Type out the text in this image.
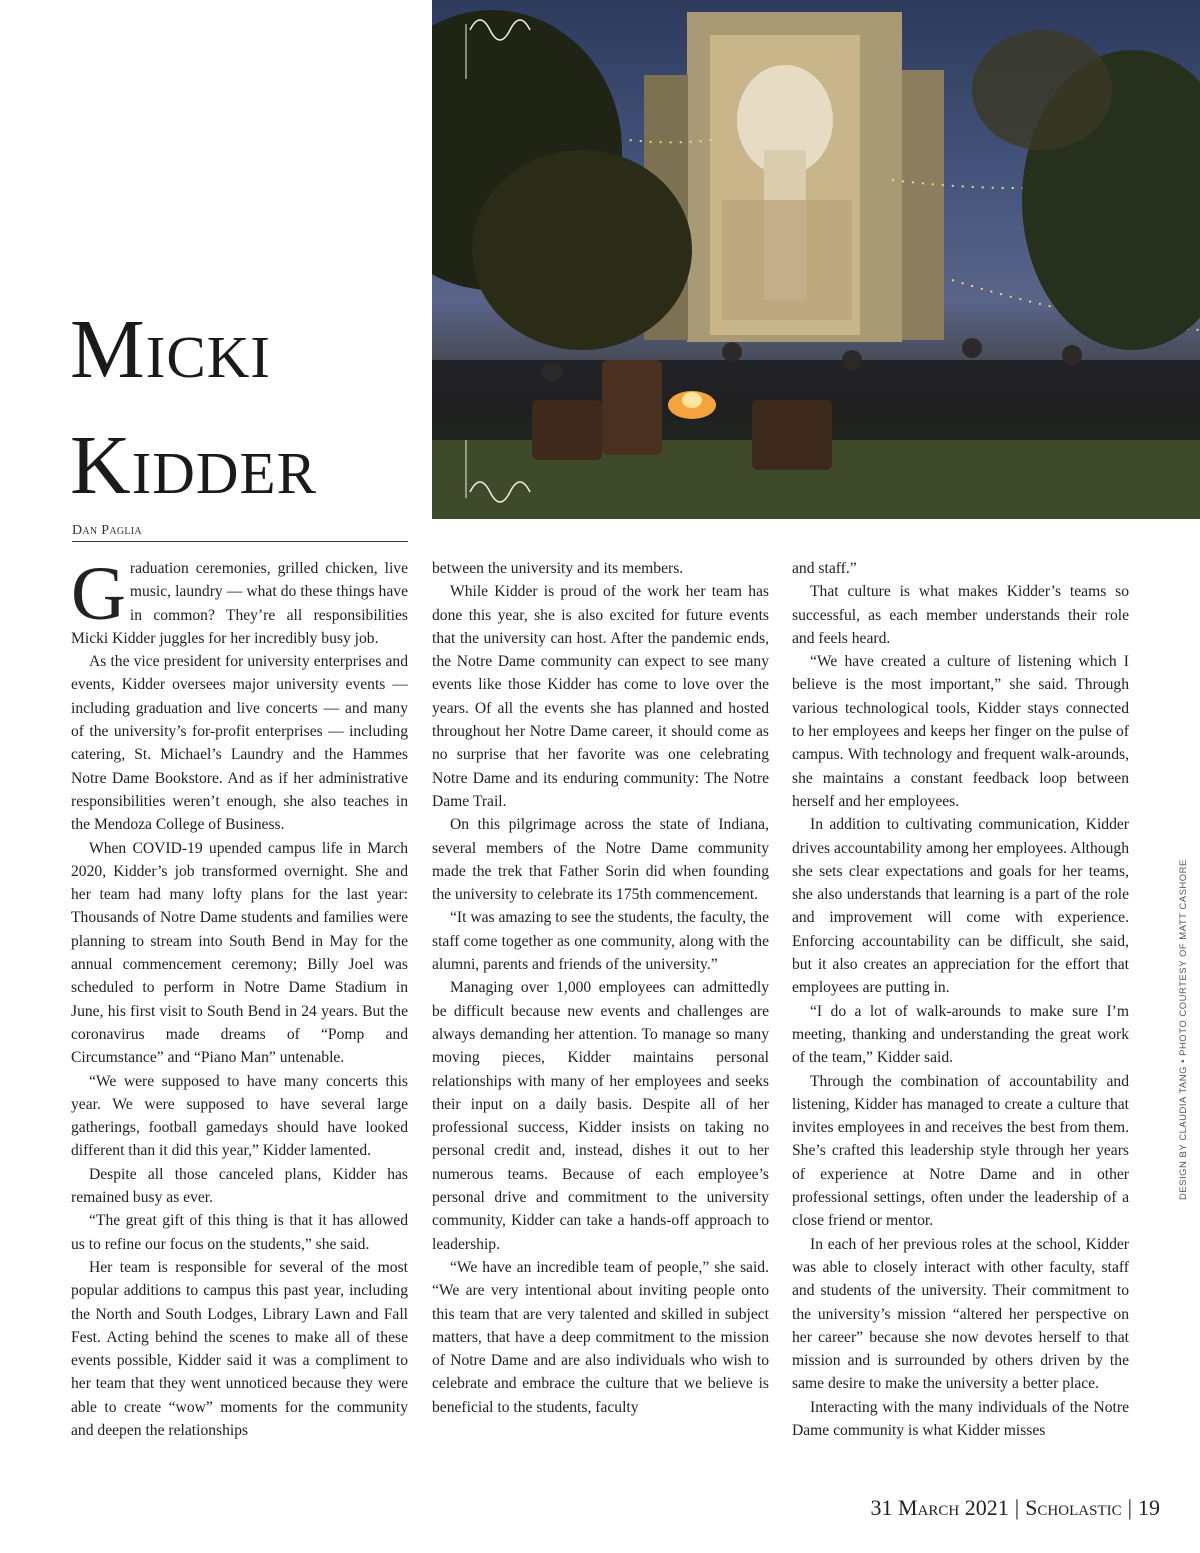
Micki
Kidder
Dan Paglia

Graduation ceremonies, grilled chicken, live music, laundry — what do these things have in common? They’re all responsibilities Micki Kidder juggles for her incredibly busy job.

As the vice president for university enterprises and events, Kidder oversees major university events — including graduation and live concerts — and many of the university’s for-profit enterprises — including catering, St. Michael’s Laundry and the Hammes Notre Dame Bookstore. And as if her administrative responsibilities weren’t enough, she also teaches in the Mendoza College of Business.

When COVID-19 upended campus life in March 2020, Kidder’s job transformed overnight. She and her team had many lofty plans for the last year: Thousands of Notre Dame students and families were planning to stream into South Bend in May for the annual commencement ceremony; Billy Joel was scheduled to perform in Notre Dame Stadium in June, his first visit to South Bend in 24 years. But the coronavirus made dreams of “Pomp and Circumstance” and “Piano Man” untenable.

“We were supposed to have many concerts this year. We were supposed to have several large gatherings, football gamedays should have looked different than it did this year,” Kidder lamented.

Despite all those canceled plans, Kidder has remained busy as ever.

“The great gift of this thing is that it has allowed us to refine our focus on the students,” she said.

Her team is responsible for several of the most popular additions to campus this past year, including the North and South Lodges, Library Lawn and Fall Fest. Acting behind the scenes to make all of these events possible, Kidder said it was a compliment to her team that they went unnoticed because they were able to create “wow” moments for the community and deepen the relationships

between the university and its members.

While Kidder is proud of the work her team has done this year, she is also excited for future events that the university can host. After the pandemic ends, the Notre Dame community can expect to see many events like those Kidder has come to love over the years. Of all the events she has planned and hosted throughout her Notre Dame career, it should come as no surprise that her favorite was one celebrating Notre Dame and its enduring community: The Notre Dame Trail.

On this pilgrimage across the state of Indiana, several members of the Notre Dame community made the trek that Father Sorin did when founding the university to celebrate its 175th commencement.

“It was amazing to see the students, the faculty, the staff come together as one community, along with the alumni, parents and friends of the university.”

Managing over 1,000 employees can admittedly be difficult because new events and challenges are always demanding her attention. To manage so many moving pieces, Kidder maintains personal relationships with many of her employees and seeks their input on a daily basis. Despite all of her professional success, Kidder insists on taking no personal credit and, instead, dishes it out to her numerous teams. Because of each employee’s personal drive and commitment to the university community, Kidder can take a hands-off approach to leadership.

“We have an incredible team of people,” she said. “We are very intentional about inviting people onto this team that are very talented and skilled in subject matters, that have a deep commitment to the mission of Notre Dame and are also individuals who wish to celebrate and embrace the culture that we believe is beneficial to the students, faculty

and staff.”

That culture is what makes Kidder’s teams so successful, as each member understands their role and feels heard.

“We have created a culture of listening which I believe is the most important,” she said. Through various technological tools, Kidder stays connected to her employees and keeps her finger on the pulse of campus. With technology and frequent walk-arounds, she maintains a constant feedback loop between herself and her employees.

In addition to cultivating communication, Kidder drives accountability among her employees. Although she sets clear expectations and goals for her teams, she also understands that learning is a part of the role and improvement will come with experience. Enforcing accountability can be difficult, she said, but it also creates an appreciation for the effort that employees are putting in.

“I do a lot of walk-arounds to make sure I’m meeting, thanking and understanding the great work of the team,” Kidder said.

Through the combination of accountability and listening, Kidder has managed to create a culture that invites employees in and receives the best from them. She’s crafted this leadership style through her years of experience at Notre Dame and in other professional settings, often under the leadership of a close friend or mentor.

In each of her previous roles at the school, Kidder was able to closely interact with other faculty, staff and students of the university. Their commitment to the university’s mission “altered her perspective on her career” because she now devotes herself to that mission and is surrounded by others driven by the same desire to make the university a better place.

Interacting with the many individuals of the Notre Dame community is what Kidder misses

DESIGN BY CLAUDIA TANG • PHOTO COURTESY OF MATT CASHORE
31 March 2021 | Scholastic | 19
